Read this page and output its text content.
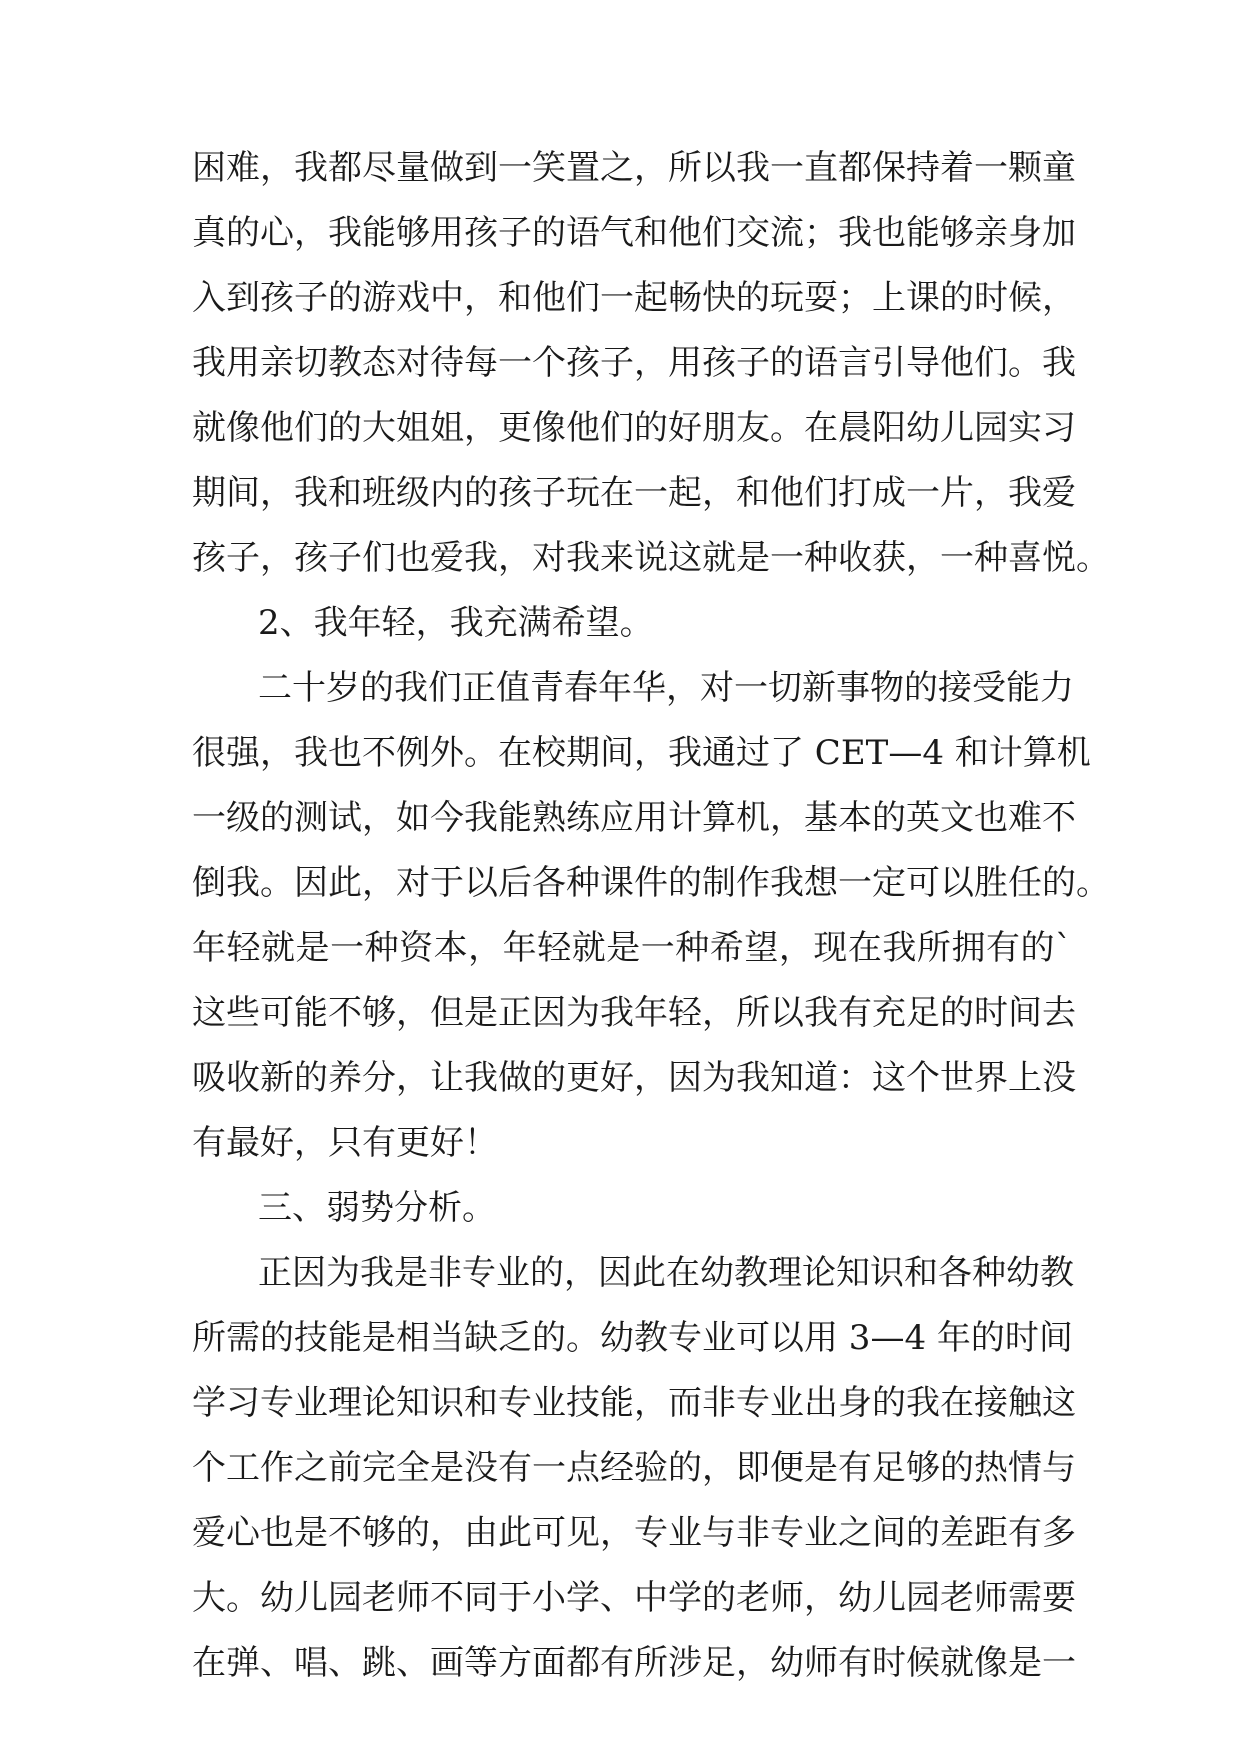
困难，我都尽量做到一笑置之，所以我一直都保持着一颗童
真的心，我能够用孩子的语气和他们交流；我也能够亲身加
入到孩子的游戏中，和他们一起畅快的玩耍；上课的时候，
我用亲切教态对待每一个孩子，用孩子的语言引导他们。我
就像他们的大姐姐，更像他们的好朋友。在晨阳幼儿园实习
期间，我和班级内的孩子玩在一起，和他们打成一片，我爱
孩子，孩子们也爱我，对我来说这就是一种收获，一种喜悦。
2、我年轻，我充满希望。
二十岁的我们正值青春年华，对一切新事物的接受能力
很强，我也不例外。在校期间，我通过了 CET—4 和计算机
一级的测试，如今我能熟练应用计算机，基本的英文也难不
倒我。因此，对于以后各种课件的制作我想一定可以胜任的。
年轻就是一种资本，年轻就是一种希望，现在我所拥有的`
这些可能不够，但是正因为我年轻，所以我有充足的时间去
吸收新的养分，让我做的更好，因为我知道：这个世界上没
有最好，只有更好！
三、弱势分析。
正因为我是非专业的，因此在幼教理论知识和各种幼教
所需的技能是相当缺乏的。幼教专业可以用 3—4 年的时间
学习专业理论知识和专业技能，而非专业出身的我在接触这
个工作之前完全是没有一点经验的，即便是有足够的热情与
爱心也是不够的，由此可见，专业与非专业之间的差距有多
大。幼儿园老师不同于小学、中学的老师，幼儿园老师需要
在弹、唱、跳、画等方面都有所涉足，幼师有时候就像是一
